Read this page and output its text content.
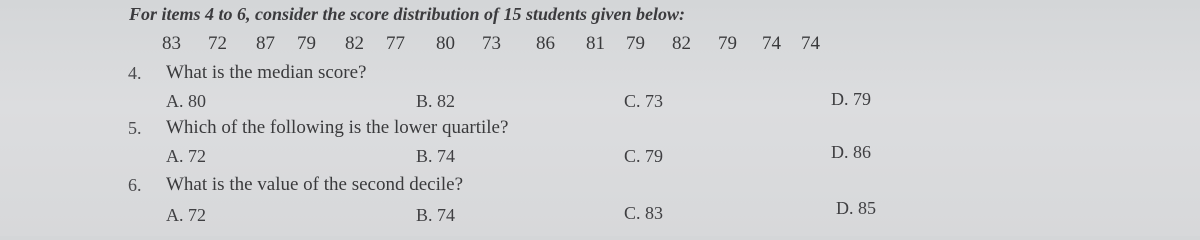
For items 4 to 6, consider the score distribution of 15 students given below:
83 72 87 79 82 77 80 73 86 81 79 82 79 74 74
4. What is the median score?
A. 80	B. 82	C. 73	D. 79
5. Which of the following is the lower quartile?
A. 72	B. 74	C. 79	D. 86
6. What is the value of the second decile?
A. 72	B. 74	C. 83	D. 85
